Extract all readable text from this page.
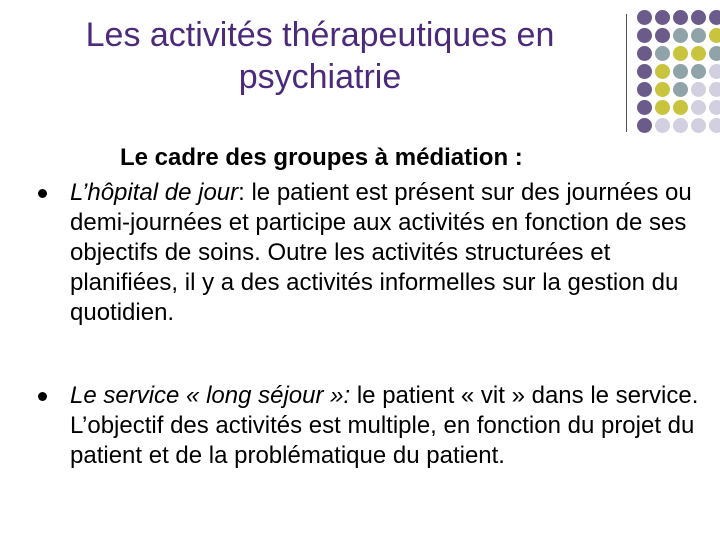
Les activités thérapeutiques en
psychiatrie
Le cadre des groupes à médiation :
L’hôpital de jour: le patient est présent sur des journées ou demi-journées et participe aux activités en fonction de ses objectifs de soins. Outre les activités structurées et planifiées, il y a des activités informelles sur la gestion du quotidien.
Le service « long séjour »: le patient « vit » dans le service. L’objectif des activités est multiple, en fonction du projet du patient et de la problématique du patient.
